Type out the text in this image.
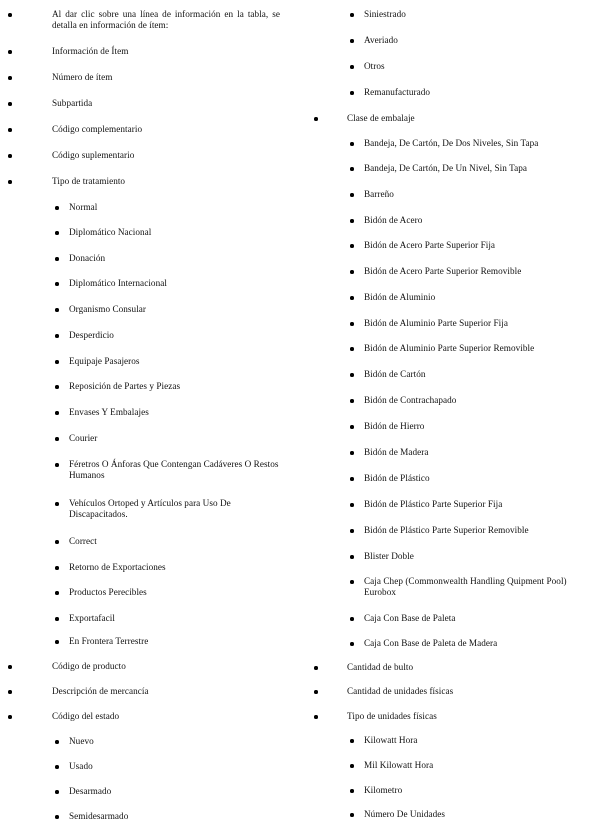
Al dar clic sobre una línea de información en la tabla, se detalla en información de ítem:
Información de Ítem
Número de ítem
Subpartida
Código complementario
Código suplementario
Tipo de tratamiento
Normal
Diplomático Nacional
Donación
Diplomático Internacional
Organismo Consular
Desperdicio
Equipaje Pasajeros
Reposición de Partes y Piezas
Envases Y Embalajes
Courier
Féretros O Ánforas Que Contengan Cadáveres O Restos Humanos
Vehículos Ortoped y Artículos para Uso De Discapacitados.
Correct
Retorno de Exportaciones
Productos Perecibles
Exportafacil
En Frontera Terrestre
Código de producto
Descripción de mercancía
Código del estado
Nuevo
Usado
Desarmado
Semidesarmado
Siniestrado
Averiado
Otros
Remanufacturado
Clase de embalaje
Bandeja, De Cartón, De Dos Niveles, Sin Tapa
Bandeja, De Cartón, De Un Nivel, Sin Tapa
Barreño
Bidón de Acero
Bidón de Acero Parte Superior Fija
Bidón de Acero Parte Superior Removible
Bidón de Aluminio
Bidón de Aluminio Parte Superior Fija
Bidón de Aluminio Parte Superior Removible
Bidón de Cartón
Bidón de Contrachapado
Bidón de Hierro
Bidón de Madera
Bidón de Plástico
Bidón de Plástico Parte Superior Fija
Bidón de Plástico Parte Superior Removible
Blister Doble
Caja Chep (Commonwealth Handling Quipment Pool) Eurobox
Caja Con Base de Paleta
Caja Con Base de Paleta de Madera
Cantidad de bulto
Cantidad de unidades físicas
Tipo de unidades físicas
Kilowatt Hora
Mil Kilowatt Hora
Kilometro
Número De Unidades
